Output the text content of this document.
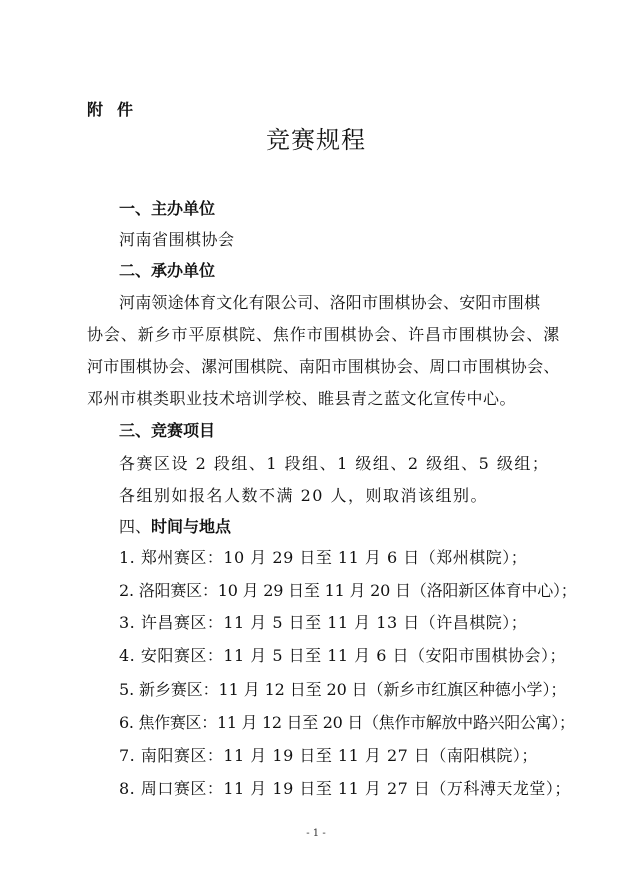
附件
竞赛规程
一、主办单位
河南省围棋协会
二、承办单位
河南领途体育文化有限公司、洛阳市围棋协会、安阳市围棋
协会、新乡市平原棋院、焦作市围棋协会、许昌市围棋协会、漯
河市围棋协会、漯河围棋院、南阳市围棋协会、周口市围棋协会、
邓州市棋类职业技术培训学校、睢县青之蓝文化宣传中心。
三、竞赛项目
各赛区设 2 段组、1 段组、1 级组、2 级组、5 级组；
各组别如报名人数不满 20 人，则取消该组别。
四、时间与地点
1. 郑州赛区：10 月 29 日至 11 月 6 日（郑州棋院）；
2. 洛阳赛区：10 月 29 日至 11 月 20 日（洛阳新区体育中心）；
3. 许昌赛区：11 月 5 日至 11 月 13 日（许昌棋院）；
4. 安阳赛区：11 月 5 日至 11 月 6 日（安阳市围棋协会）；
5. 新乡赛区：11 月 12 日至 20 日（新乡市红旗区种德小学）；
6. 焦作赛区：11 月 12 日至 20 日（焦作市解放中路兴阳公寓）；
7. 南阳赛区：11 月 19 日至 11 月 27 日（南阳棋院）；
8. 周口赛区：11 月 19 日至 11 月 27 日（万科溥天龙堂）；
- 1 -
